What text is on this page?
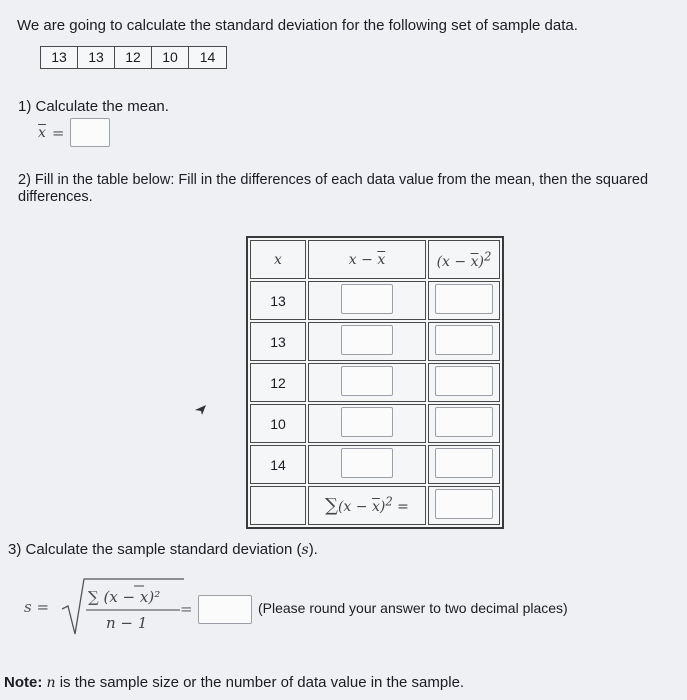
We are going to calculate the standard deviation for the following set of sample data.
13	13	12	10	14
1) Calculate the mean.
$\overline{x}$ =
2) Fill in the table below: Fill in the differences of each data value from the mean, then the squared differences.
x	$x - \overline{x}$	$(x - \overline{x})^2$
13		
13		
12		
10		
14		
	$\sum(x - \overline{x})^2$ =	
3) Calculate the sample standard deviation (s).
s =
∑ (x − x)²
n − 1
=	(Please round your answer to two decimal places)
Note: n is the sample size or the number of data value in the sample.
